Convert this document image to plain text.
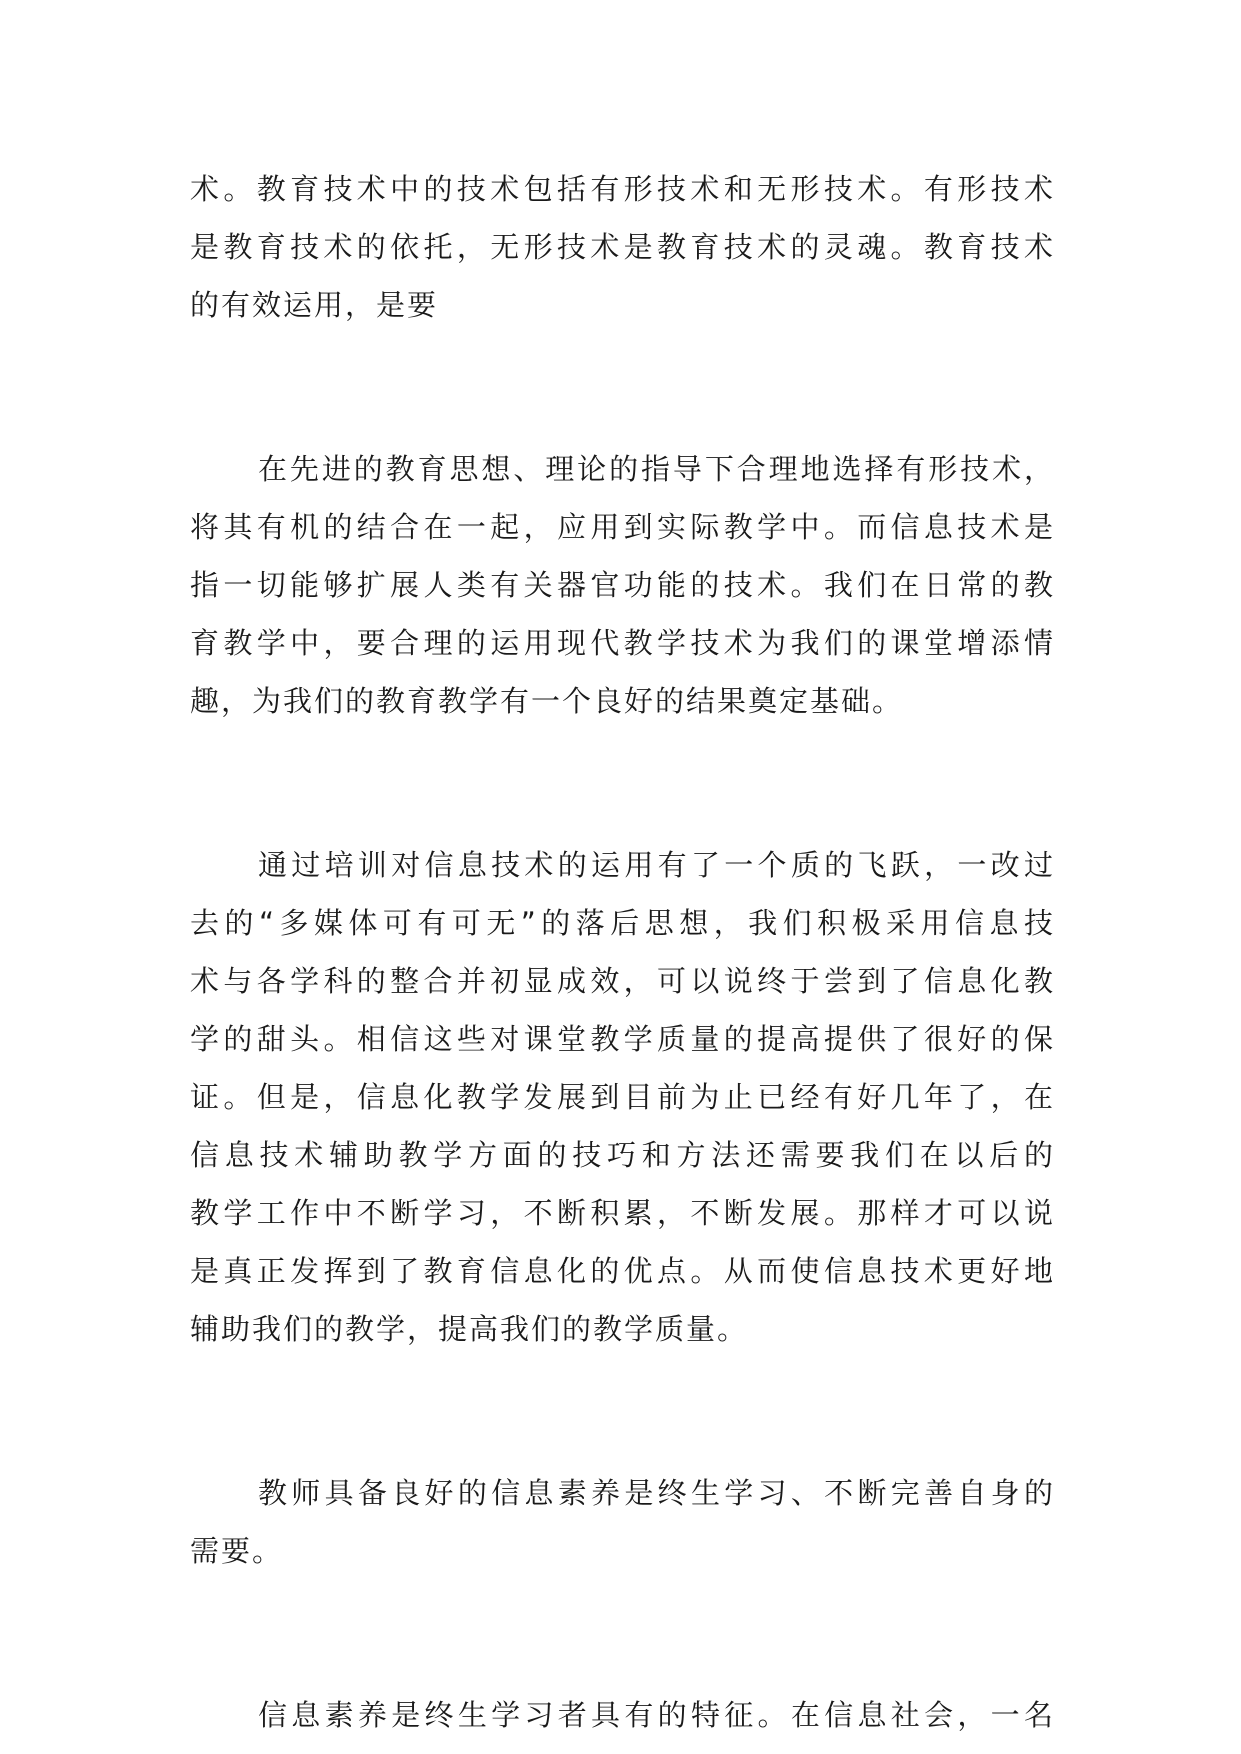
术。教育技术中的技术包括有形技术和无形技术。有形技术
是教育技术的依托，无形技术是教育技术的灵魂。教育技术
的有效运用，是要
在先进的教育思想、理论的指导下合理地选择有形技术，
将其有机的结合在一起，应用到实际教学中。而信息技术是
指一切能够扩展人类有关器官功能的技术。我们在日常的教
育教学中，要合理的运用现代教学技术为我们的课堂增添情
趣，为我们的教育教学有一个良好的结果奠定基础。
通过培训对信息技术的运用有了一个质的飞跃，一改过
去的“多媒体可有可无”的落后思想，我们积极采用信息技
术与各学科的整合并初显成效，可以说终于尝到了信息化教
学的甜头。相信这些对课堂教学质量的提高提供了很好的保
证。但是，信息化教学发展到目前为止已经有好几年了，在
信息技术辅助教学方面的技巧和方法还需要我们在以后的
教学工作中不断学习，不断积累，不断发展。那样才可以说
是真正发挥到了教育信息化的优点。从而使信息技术更好地
辅助我们的教学，提高我们的教学质量。
教师具备良好的信息素养是终生学习、不断完善自身的
需要。
信息素养是终生学习者具有的特征。在信息社会，一名
